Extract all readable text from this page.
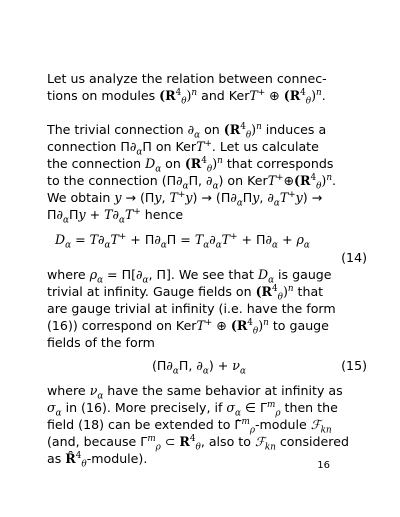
Let us analyze the relation between connec-
tions on modules $(R^4_\theta)^n$ and KerT+ ⊕ $(R^4_\theta)^n$.
The trivial connection $\partial_\alpha$ on $(R^4_\theta)^n$ induces a
connection $\Pi\partial_\alpha\Pi$ on KerT+. Let us calculate
the connection $D_\alpha$ on $(R^4_\theta)^n$ that corresponds
to the connection ($\Pi\partial_\alpha\Pi$, $\partial_\alpha$) on $KerT^+\oplus(R^4_\theta)^n$.
We obtain y → (Πy, $T^+y) \to (\Pi\partial_\alpha\Pi y$, $\partial_\alpha T^+y$) →
$\Pi\partial_\alpha\Pi y + T\partial_\alpha T^+$ hence
$D_\alpha = T\partial_\alpha T^+ + \Pi\partial_\alpha\Pi = T_\alpha\partial_\alpha T^+ + \Pi\partial_\alpha + \rho_\alpha$
(14)
where $\rho_\alpha = \Pi[\partial_\alpha$, Π]. We see that $D_\alpha$ is gauge
trivial at infinity. Gauge fields on $(R^4_\theta)^n$ that
are gauge trivial at infinity (i.e. have the form
(16)) correspond on KerT+ ⊕ $(R^4_\theta)^n$ to gauge
fields of the form
($\Pi\partial_\alpha\Pi$, $\partial_\alpha) + \nu_\alpha$	(15)
where $\nu_\alpha$ have the same behavior at infinity as
$\sigma_\alpha$ in (16). More precisely, if $\sigma_\alpha$ ∈ $\Gamma^m_\rho$ then the
field (18) can be extended to Γ̂$^m_\rho$-module ℱ$_{kn}$
(and, because $\Gamma^m_\rho$ ⊂ $R^4_\theta$, also to ℱ$_{kn}$ considered
as R̂$^4_\theta$-module).	16
